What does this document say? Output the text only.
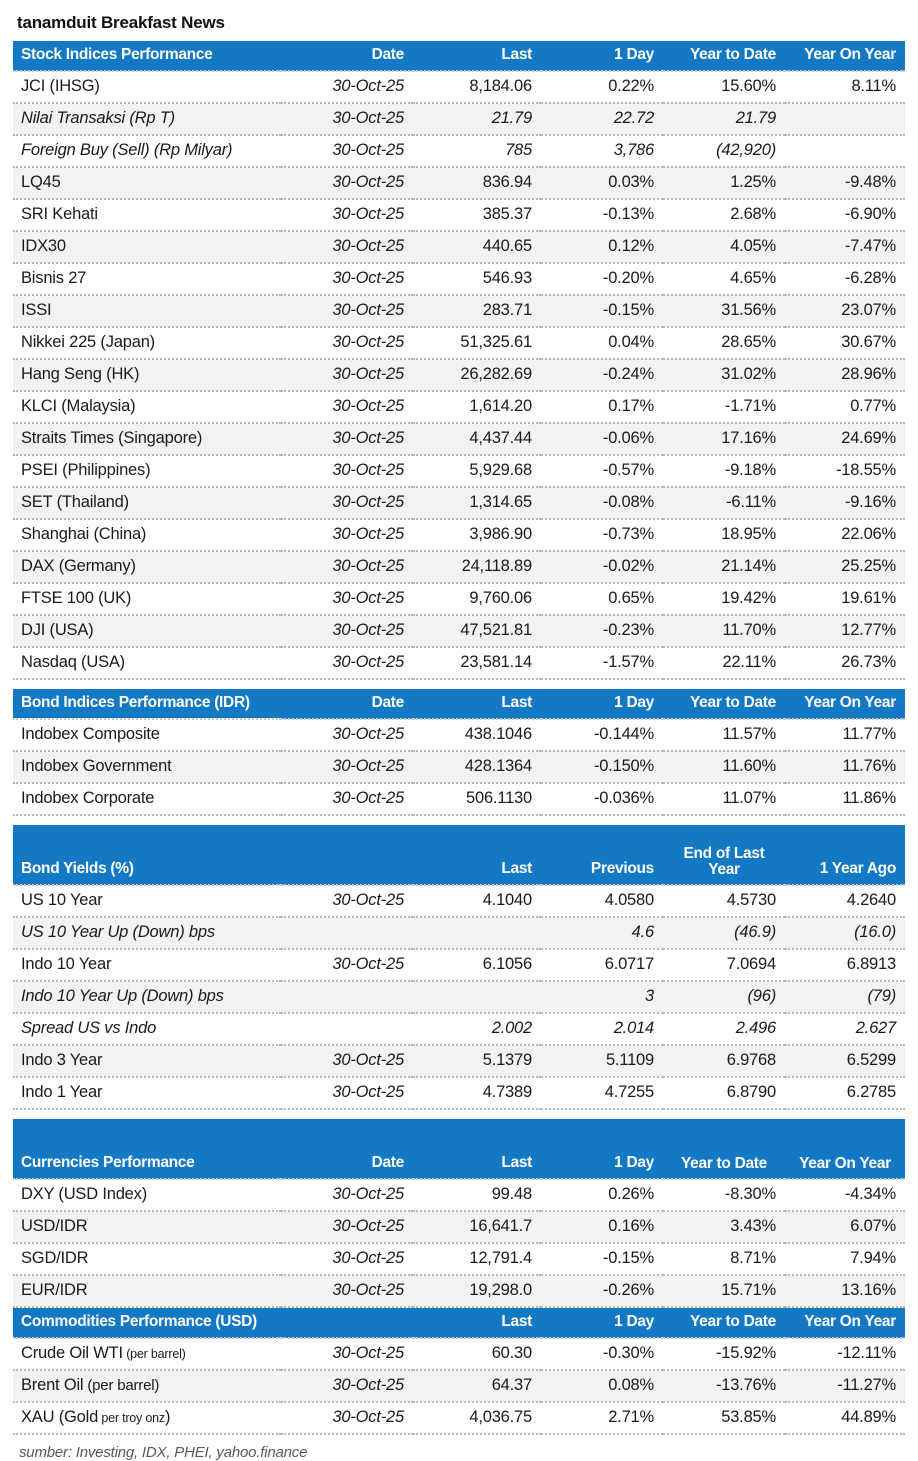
tanamduit Breakfast News
Stock Indices Performance	Date	Last	1 Day	Year to Date	Year On Year
JCI (IHSG)	30-Oct-25	8,184.06	0.22%	15.60%	8.11%
Nilai Transaksi (Rp T)	30-Oct-25	21.79	22.72	21.79	
Foreign Buy (Sell) (Rp Milyar)	30-Oct-25	785	3,786	(42,920)	
LQ45	30-Oct-25	836.94	0.03%	1.25%	-9.48%
SRI Kehati	30-Oct-25	385.37	-0.13%	2.68%	-6.90%
IDX30	30-Oct-25	440.65	0.12%	4.05%	-7.47%
Bisnis 27	30-Oct-25	546.93	-0.20%	4.65%	-6.28%
ISSI	30-Oct-25	283.71	-0.15%	31.56%	23.07%
Nikkei 225 (Japan)	30-Oct-25	51,325.61	0.04%	28.65%	30.67%
Hang Seng (HK)	30-Oct-25	26,282.69	-0.24%	31.02%	28.96%
KLCI (Malaysia)	30-Oct-25	1,614.20	0.17%	-1.71%	0.77%
Straits Times (Singapore)	30-Oct-25	4,437.44	-0.06%	17.16%	24.69%
PSEI (Philippines)	30-Oct-25	5,929.68	-0.57%	-9.18%	-18.55%
SET (Thailand)	30-Oct-25	1,314.65	-0.08%	-6.11%	-9.16%
Shanghai (China)	30-Oct-25	3,986.90	-0.73%	18.95%	22.06%
DAX (Germany)	30-Oct-25	24,118.89	-0.02%	21.14%	25.25%
FTSE 100 (UK)	30-Oct-25	9,760.06	0.65%	19.42%	19.61%
DJI (USA)	30-Oct-25	47,521.81	-0.23%	11.70%	12.77%
Nasdaq (USA)	30-Oct-25	23,581.14	-1.57%	22.11%	26.73%
Bond Indices Performance (IDR)	Date	Last	1 Day	Year to Date	Year On Year
Indobex Composite	30-Oct-25	438.1046	-0.144%	11.57%	11.77%
Indobex Government	30-Oct-25	428.1364	-0.150%	11.60%	11.76%
Indobex Corporate	30-Oct-25	506.1130	-0.036%	11.07%	11.86%
Bond Yields (%)		Last	Previous	End of Last Year	1 Year Ago
US 10 Year	30-Oct-25	4.1040	4.0580	4.5730	4.2640
US 10 Year Up (Down) bps			4.6	(46.9)	(16.0)
Indo 10 Year	30-Oct-25	6.1056	6.0717	7.0694	6.8913
Indo 10 Year Up (Down) bps			3	(96)	(79)
Spread US vs Indo		2.002	2.014	2.496	2.627
Indo 3 Year	30-Oct-25	5.1379	5.1109	6.9768	6.5299
Indo 1 Year	30-Oct-25	4.7389	4.7255	6.8790	6.2785
Currencies Performance	Date	Last	1 Day	Year to Date	Year On Year
DXY (USD Index)	30-Oct-25	99.48	0.26%	-8.30%	-4.34%
USD/IDR	30-Oct-25	16,641.7	0.16%	3.43%	6.07%
SGD/IDR	30-Oct-25	12,791.4	-0.15%	8.71%	7.94%
EUR/IDR	30-Oct-25	19,298.0	-0.26%	15.71%	13.16%
Commodities Performance (USD)		Last	1 Day	Year to Date	Year On Year
Crude Oil WTI (per barrel)	30-Oct-25	60.30	-0.30%	-15.92%	-12.11%
Brent Oil (per barrel)	30-Oct-25	64.37	0.08%	-13.76%	-11.27%
XAU (Gold per troy onz)	30-Oct-25	4,036.75	2.71%	53.85%	44.89%
sumber: Investing, IDX, PHEI, yahoo.finance
